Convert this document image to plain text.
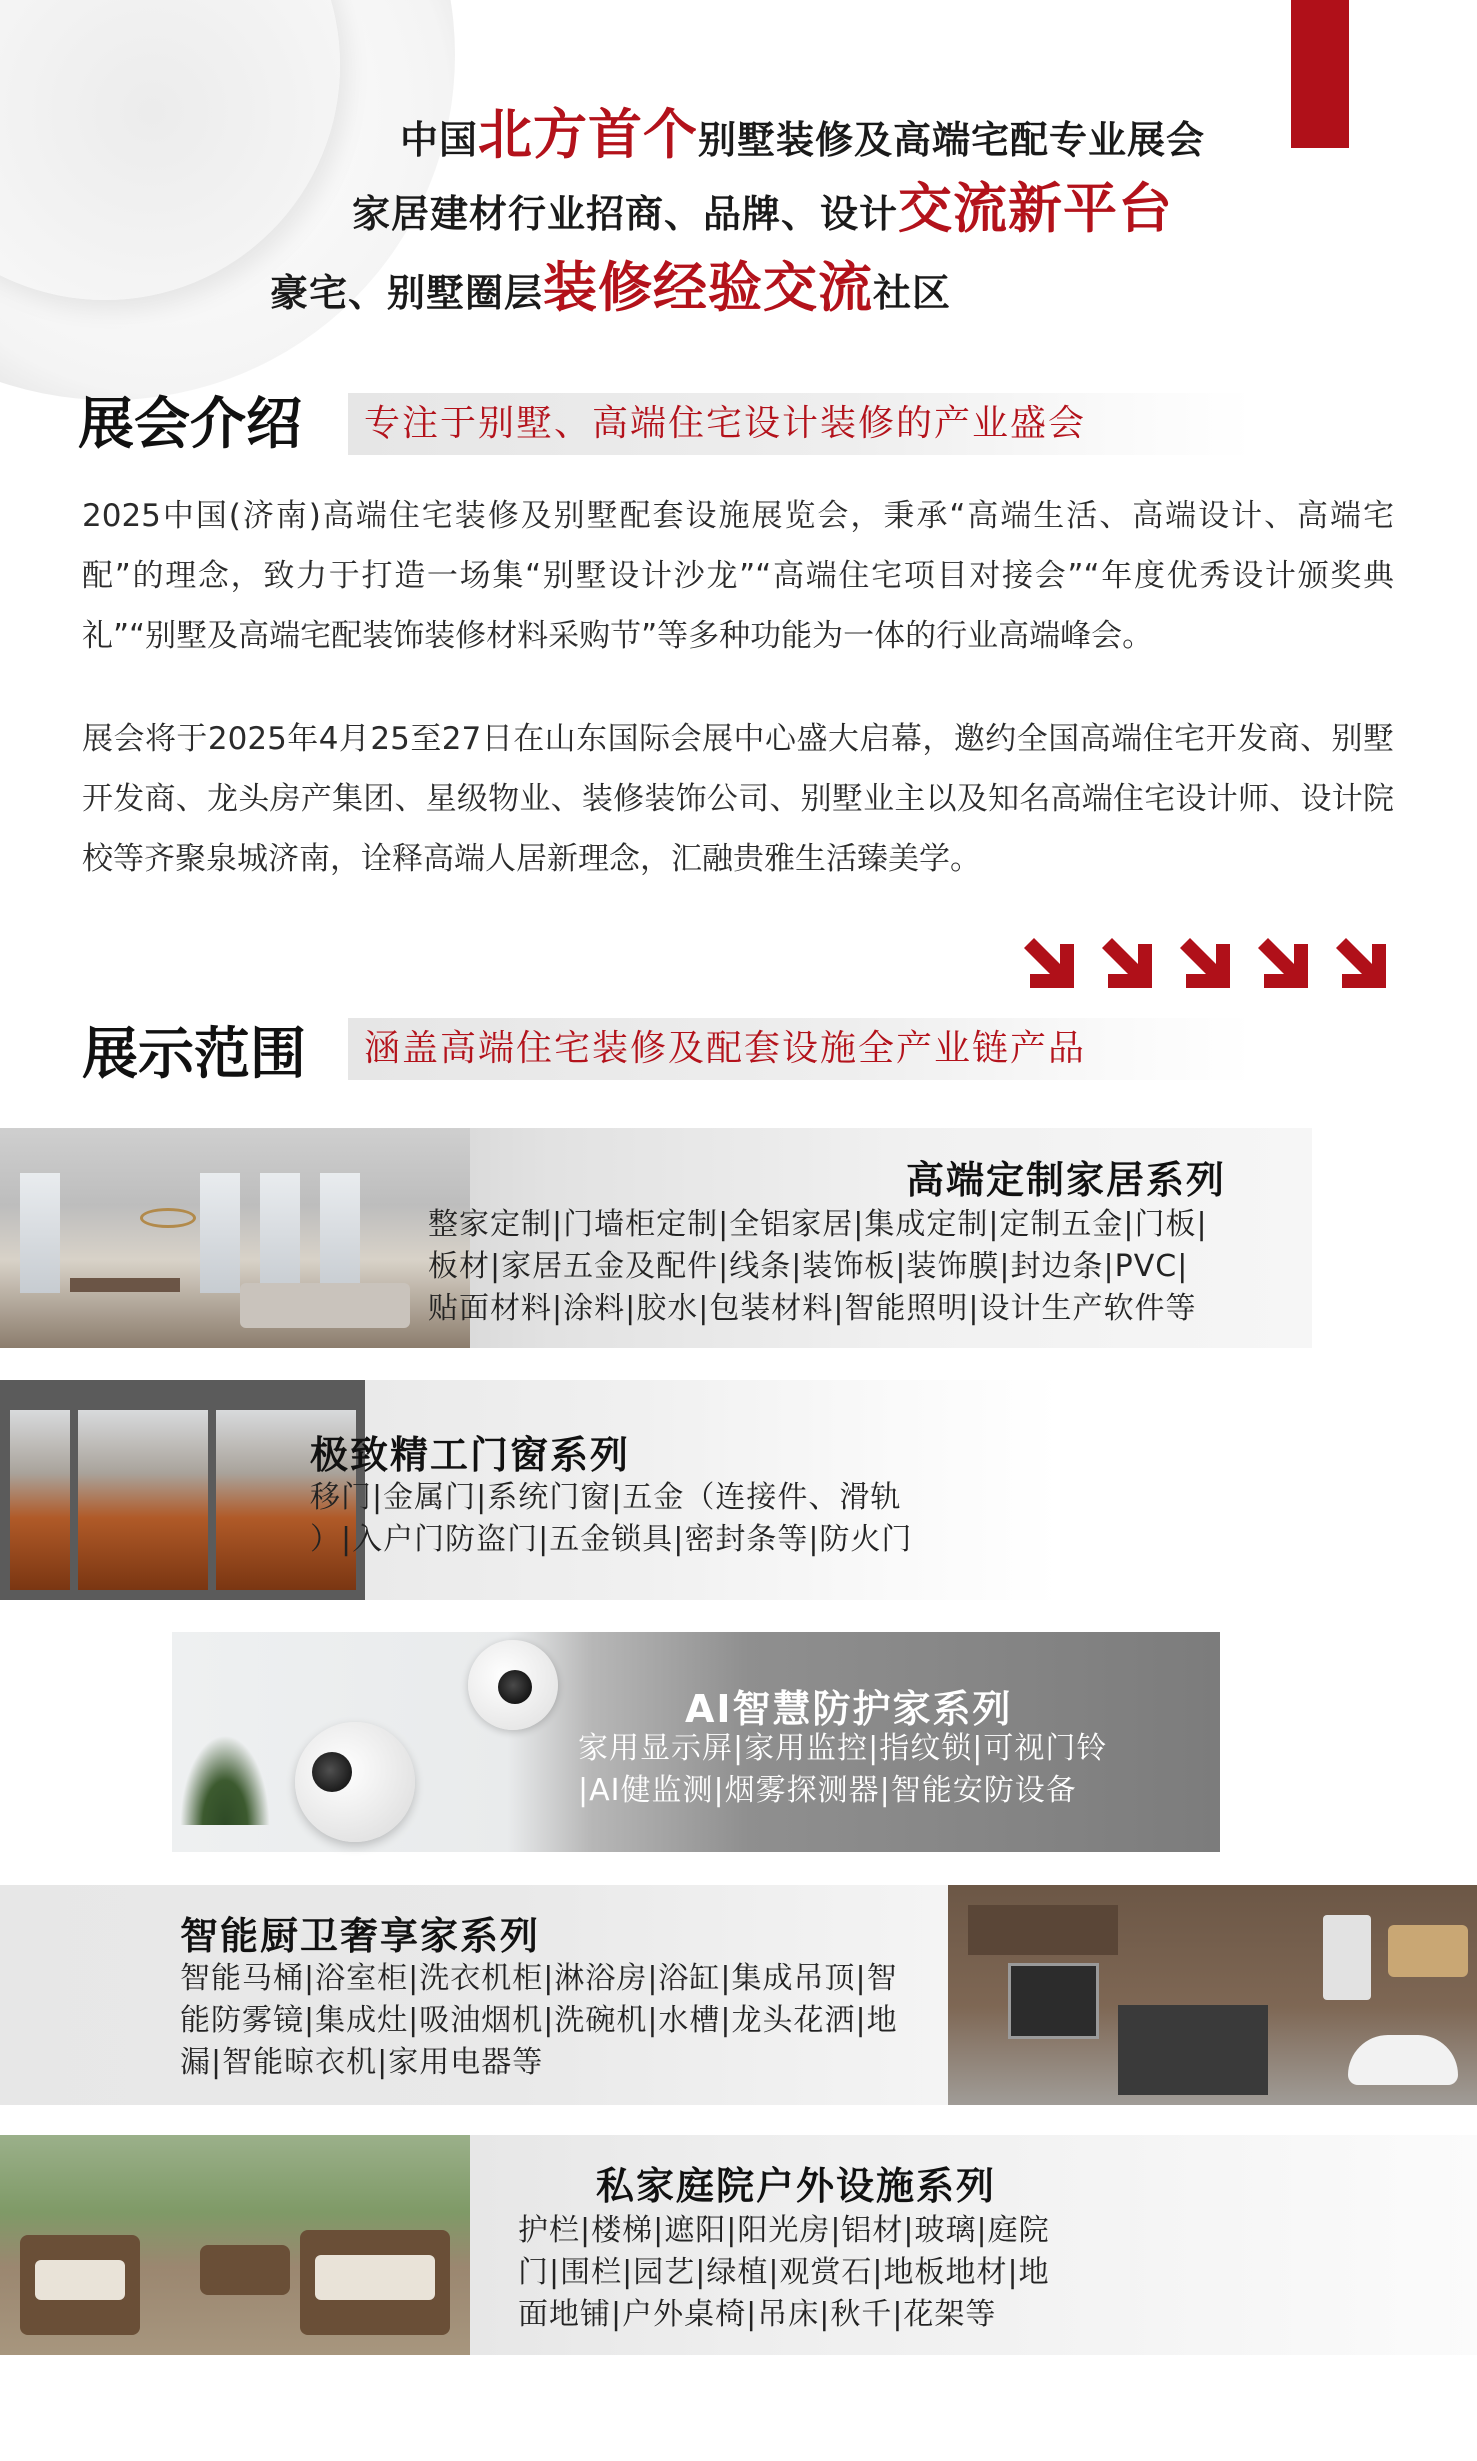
中国北方首个别墅装修及高端宅配专业展会
家居建材行业招商、品牌、设计交流新平台
豪宅、别墅圈层装修经验交流社区
专注于别墅、高端住宅设计装修的产业盛会
展会介绍
2025中国(济南)高端住宅装修及别墅配套设施展览会，秉承“高端生活、高端设计、高端宅配”的理念，致力于打造一场集“别墅设计沙龙”“高端住宅项目对接会”“年度优秀设计颁奖典礼”“别墅及高端宅配装饰装修材料采购节”等多种功能为一体的行业高端峰会。
展会将于2025年4月25至27日在山东国际会展中心盛大启幕，邀约全国高端住宅开发商、别墅开发商、龙头房产集团、星级物业、装修装饰公司、别墅业主以及知名高端住宅设计师、设计院校等齐聚泉城济南，诠释高端人居新理念，汇融贵雅生活臻美学。
涵盖高端住宅装修及配套设施全产业链产品
展示范围
高端定制家居系列
整家定制|门墙柜定制|全铝家居|集成定制|定制五金|门板|
板材|家居五金及配件|线条|装饰板|装饰膜|封边条|PVC|
贴面材料|涂料|胶水|包装材料|智能照明|设计生产软件等
极致精工门窗系列
移门|金属门|系统门窗|五金（连接件、滑轨
）|入户门防盗门|五金锁具|密封条等|防火门
AI智慧防护家系列
家用显示屏|家用监控|指纹锁|可视门铃
|AI健监测|烟雾探测器|智能安防设备
智能厨卫奢享家系列
智能马桶|浴室柜|洗衣机柜|淋浴房|浴缸|集成吊顶|智
能防雾镜|集成灶|吸油烟机|洗碗机|水槽|龙头花洒|地
漏|智能晾衣机|家用电器等
私家庭院户外设施系列
护栏|楼梯|遮阳|阳光房|铝材|玻璃|庭院
门|围栏|园艺|绿植|观赏石|地板地材|地
面地铺|户外桌椅|吊床|秋千|花架等
